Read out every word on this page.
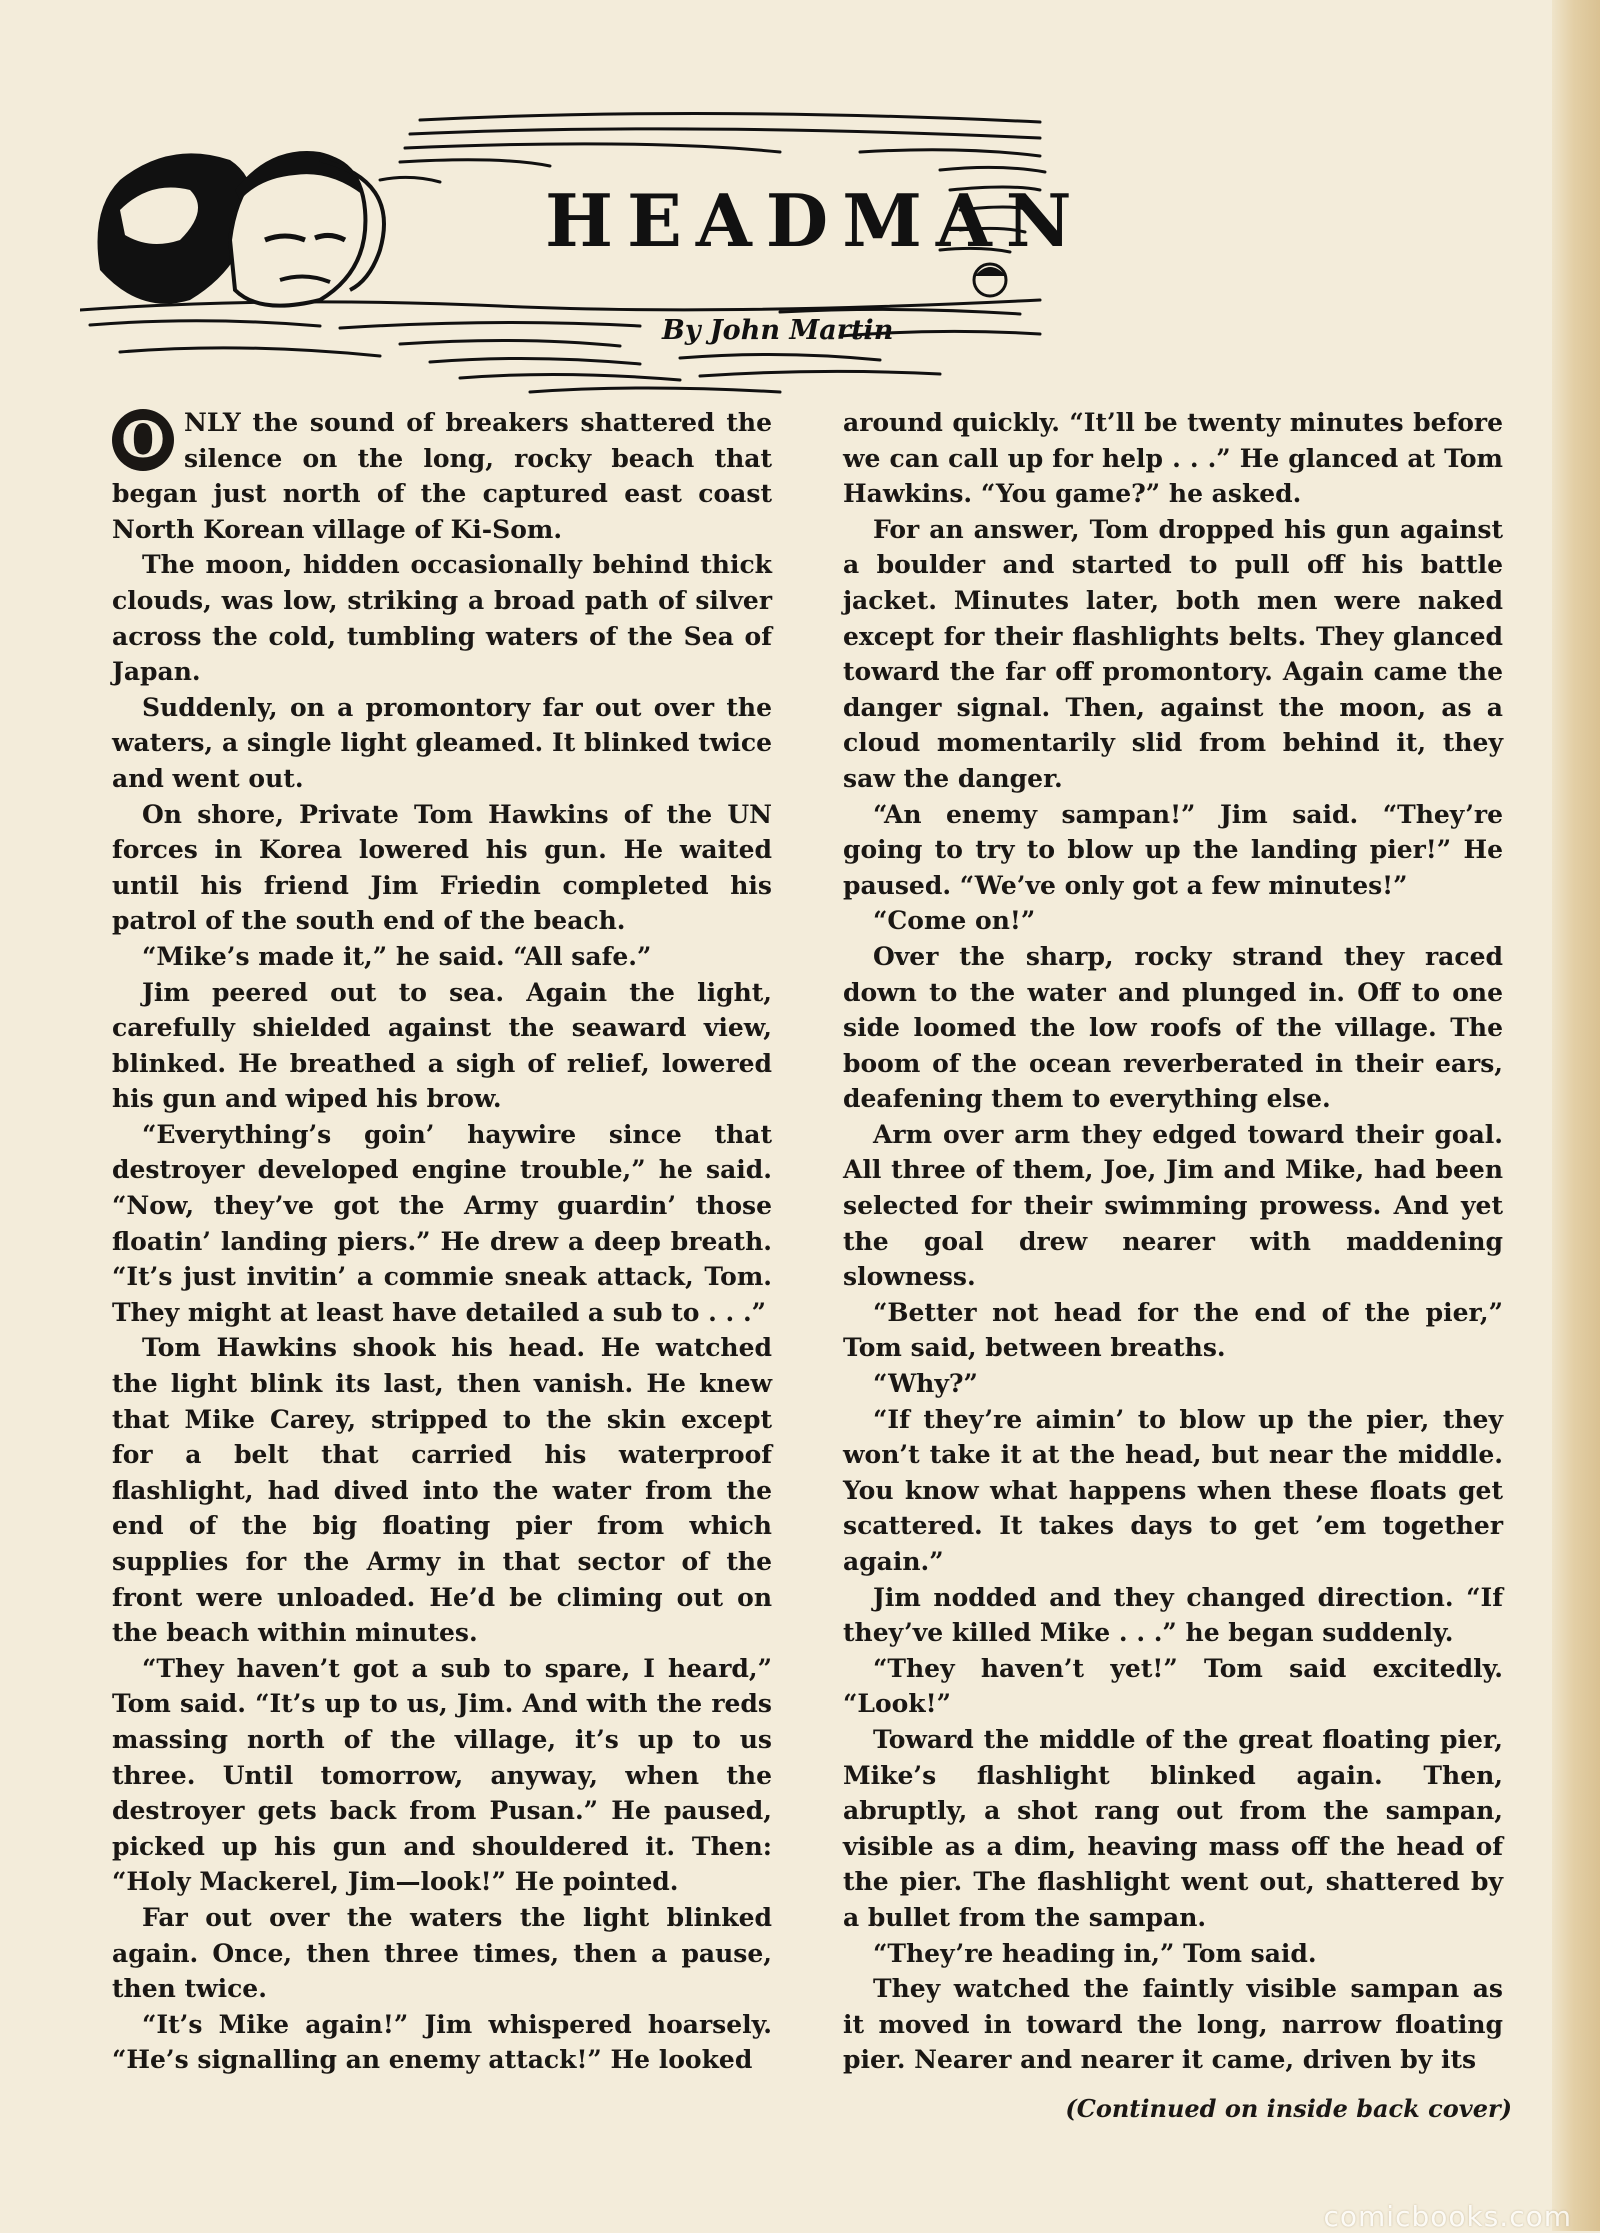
HEADMAN
By John Martin

O NLY the sound of breakers shattered the silence on the long, rocky beach that began just north of the captured east coast North Korean village of Ki-Som.

The moon, hidden occasionally behind thick clouds, was low, striking a broad path of silver across the cold, tumbling waters of the Sea of Japan.

Suddenly, on a promontory far out over the waters, a single light gleamed. It blinked twice and went out.

On shore, Private Tom Hawkins of the UN forces in Korea lowered his gun. He waited until his friend Jim Friedin completed his patrol of the south end of the beach.

“Mike’s made it,” he said. “All safe.”

Jim peered out to sea. Again the light, carefully shielded against the seaward view, blinked. He breathed a sigh of relief, lowered his gun and wiped his brow.

“Everything’s goin’ haywire since that destroyer developed engine trouble,” he said. “Now, they’ve got the Army guardin’ those floatin’ landing piers.” He drew a deep breath. “It’s just invitin’ a commie sneak attack, Tom. They might at least have detailed a sub to . . .”

Tom Hawkins shook his head. He watched the light blink its last, then vanish. He knew that Mike Carey, stripped to the skin except for a belt that carried his waterproof flashlight, had dived into the water from the end of the big floating pier from which supplies for the Army in that sector of the front were unloaded. He’d be climing out on the beach within minutes.

“They haven’t got a sub to spare, I heard,” Tom said. “It’s up to us, Jim. And with the reds massing north of the village, it’s up to us three. Until tomorrow, anyway, when the destroyer gets back from Pusan.” He paused, picked up his gun and shouldered it. Then: “Holy Mackerel, Jim—look!” He pointed.

Far out over the waters the light blinked again. Once, then three times, then a pause, then twice.

“It’s Mike again!” Jim whispered hoarsely. “He’s signalling an enemy attack!” He looked

around quickly. “It’ll be twenty minutes before we can call up for help . . .” He glanced at Tom Hawkins. “You game?” he asked.

For an answer, Tom dropped his gun against a boulder and started to pull off his battle jacket. Minutes later, both men were naked except for their flashlights belts. They glanced toward the far off promontory. Again came the danger signal. Then, against the moon, as a cloud momentarily slid from behind it, they saw the danger.

“An enemy sampan!” Jim said. “They’re going to try to blow up the landing pier!” He paused. “We’ve only got a few minutes!”

“Come on!”

Over the sharp, rocky strand they raced down to the water and plunged in. Off to one side loomed the low roofs of the village. The boom of the ocean reverberated in their ears, deafening them to everything else.

Arm over arm they edged toward their goal. All three of them, Joe, Jim and Mike, had been selected for their swimming prowess. And yet the goal drew nearer with maddening slowness.

“Better not head for the end of the pier,” Tom said, between breaths.

“Why?”

“If they’re aimin’ to blow up the pier, they won’t take it at the head, but near the middle. You know what happens when these floats get scattered. It takes days to get ’em together again.”

Jim nodded and they changed direction. “If they’ve killed Mike . . .” he began suddenly.

“They haven’t yet!” Tom said excitedly. “Look!”

Toward the middle of the great floating pier, Mike’s flashlight blinked again. Then, abruptly, a shot rang out from the sampan, visible as a dim, heaving mass off the head of the pier. The flashlight went out, shattered by a bullet from the sampan.

“They’re heading in,” Tom said.

They watched the faintly visible sampan as it moved in toward the long, narrow floating pier. Nearer and nearer it came, driven by its

(Continued on inside back cover)
comicbooks.com
